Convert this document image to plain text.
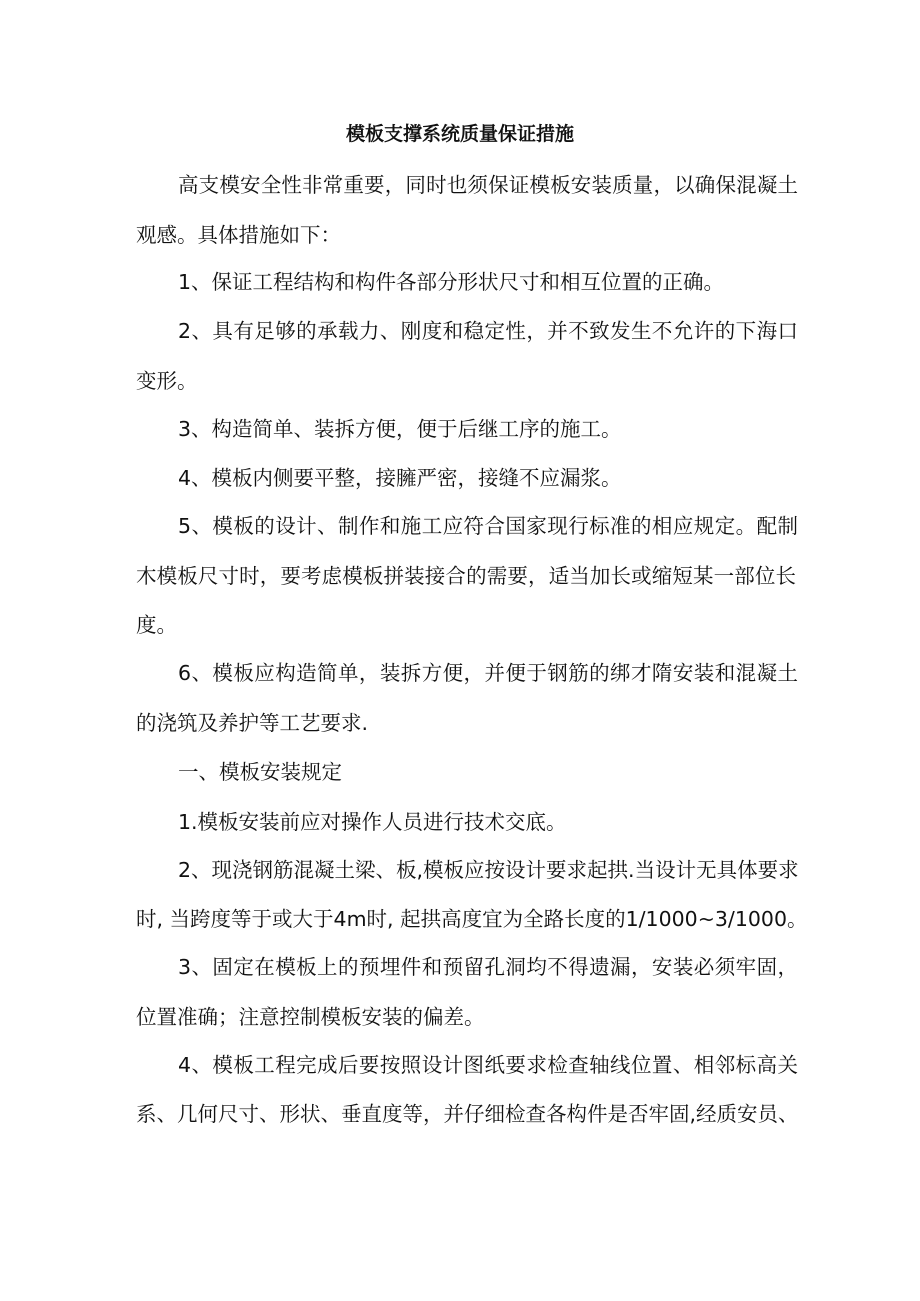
模板支撑系统质量保证措施

高支模安全性非常重要，同时也须保证模板安装质量，以确保混凝土

观感。具体措施如下：

1、保证工程结构和构件各部分形状尺寸和相互位置的正确。

2、具有足够的承载力、刚度和稳定性，并不致发生不允许的下海口

变形。

3、构造简单、装拆方便，便于后继工序的施工。

4、模板内侧要平整，接臃严密，接缝不应漏浆。

5、模板的设计、制作和施工应符合国家现行标准的相应规定。配制

木模板尺寸时，要考虑模板拼装接合的需要，适当加长或缩短某一部位长

度。

6、模板应构造简单，装拆方便，并便于钢筋的绑才隋安装和混凝土

的浇筑及养护等工艺要求.

一、模板安装规定

1.模板安装前应对操作人员进行技术交底。

2、现浇钢筋混凝土梁、板,模板应按设计要求起拱.当设计无具体要求

时, 当跨度等于或大于4m时, 起拱高度宜为全路长度的1/1000~3/1000。

3、固定在模板上的预埋件和预留孔洞均不得遗漏，安装必须牢固，

位置准确；注意控制模板安装的偏差。

4、模板工程完成后要按照设计图纸要求检查轴线位置、相邻标高关

系、几何尺寸、形状、垂直度等，并仔细检查各构件是否牢固,经质安员、
